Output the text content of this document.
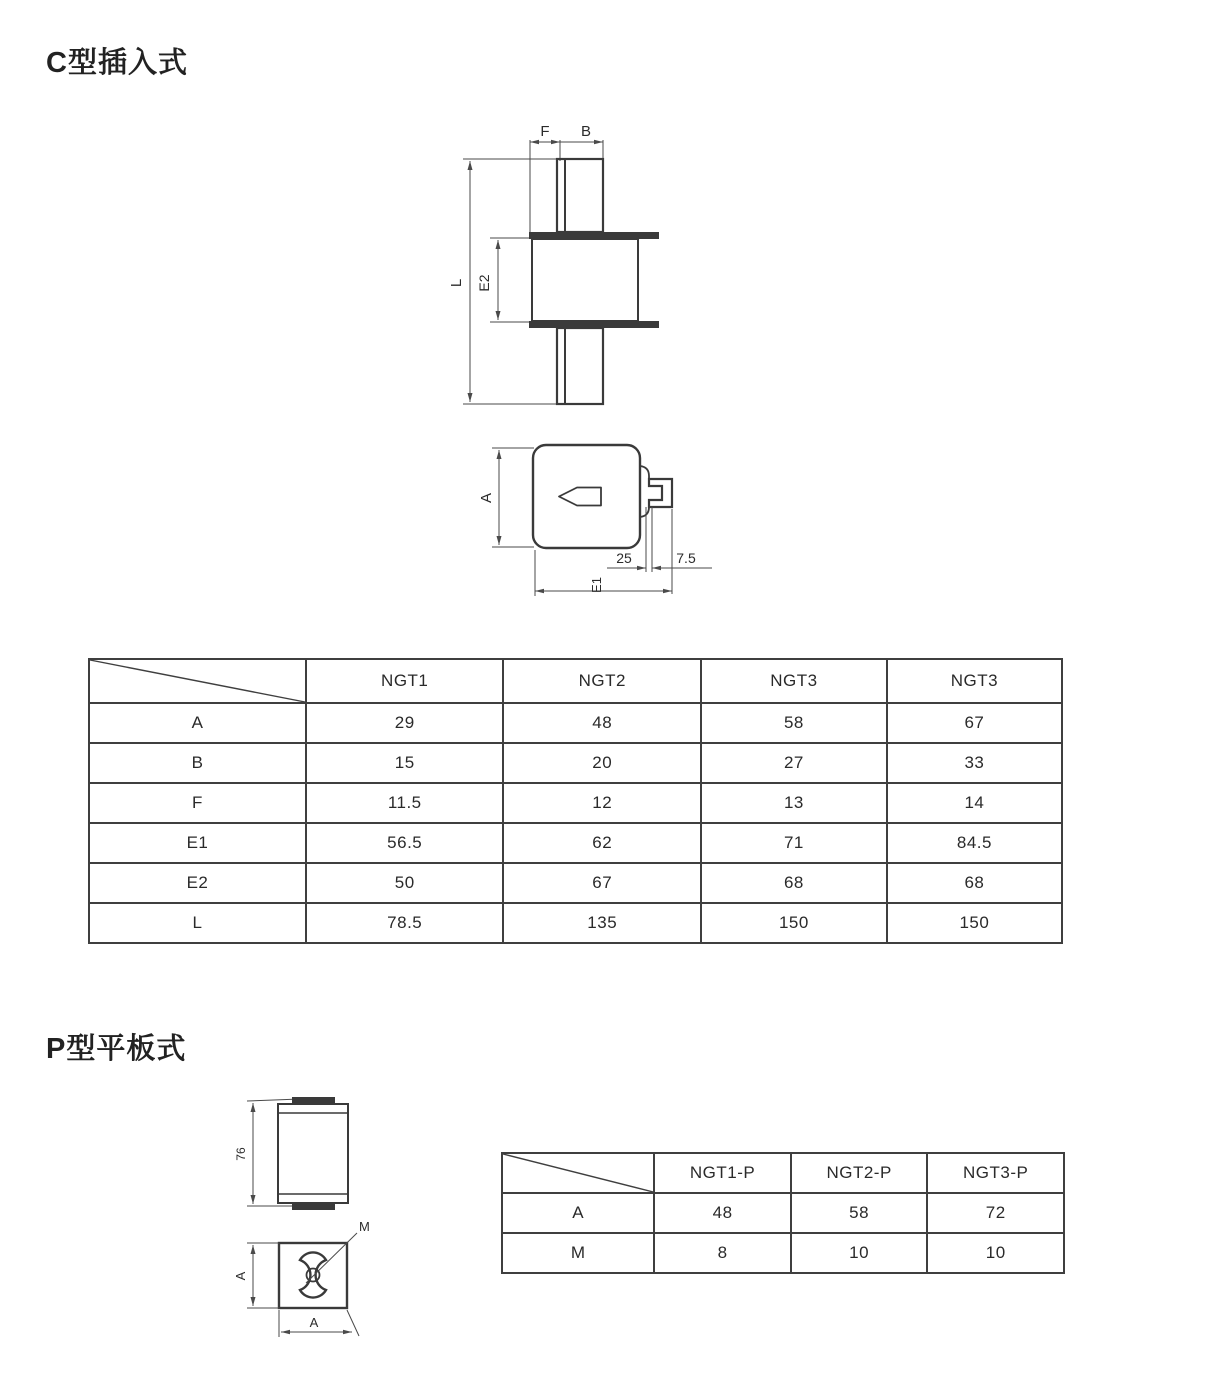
C型插入式
L E2
F B
A
25	7.5
E1
	NGT1	NGT2	NGT3	NGT3
A	29	48	58	67
B	15	20	27	33
F	11.5	12	13	14
E1	56.5	62	71	84.5
E2	50	67	68	68
L	78.5	135	150	150
P型平板式
76
A
A
M
	NGT1-P	NGT2-P	NGT3-P
A	48	58	72
M	8	10	10
